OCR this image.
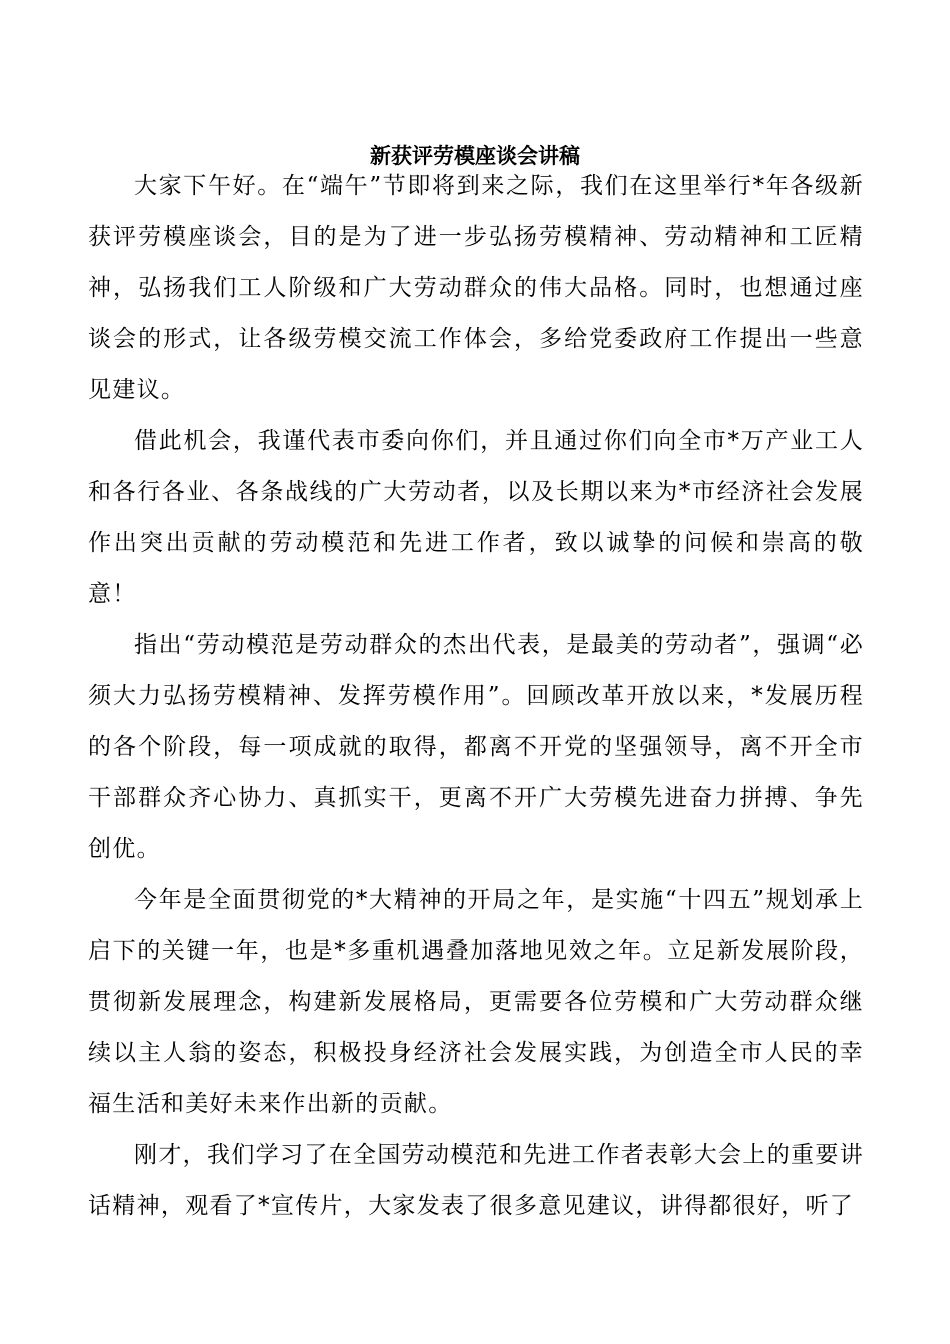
新获评劳模座谈会讲稿

大家下午好。在“端午”节即将到来之际，我们在这里举行*年各级新获评劳模座谈会，目的是为了进一步弘扬劳模精神、劳动精神和工匠精神，弘扬我们工人阶级和广大劳动群众的伟大品格。同时，也想通过座谈会的形式，让各级劳模交流工作体会，多给党委政府工作提出一些意见建议。

借此机会，我谨代表市委向你们，并且通过你们向全市*万产业工人和各行各业、各条战线的广大劳动者，以及长期以来为*市经济社会发展作出突出贡献的劳动模范和先进工作者，致以诚挚的问候和崇高的敬意！

指出“劳动模范是劳动群众的杰出代表，是最美的劳动者”，强调“必须大力弘扬劳模精神、发挥劳模作用”。回顾改革开放以来，*发展历程的各个阶段，每一项成就的取得，都离不开党的坚强领导，离不开全市干部群众齐心协力、真抓实干，更离不开广大劳模先进奋力拼搏、争先创优。

今年是全面贯彻党的*大精神的开局之年，是实施“十四五”规划承上启下的关键一年，也是*多重机遇叠加落地见效之年。立足新发展阶段，贯彻新发展理念，构建新发展格局，更需要各位劳模和广大劳动群众继续以主人翁的姿态，积极投身经济社会发展实践，为创造全市人民的幸福生活和美好未来作出新的贡献。

刚才，我们学习了在全国劳动模范和先进工作者表彰大会上的重要讲话精神，观看了*宣传片，大家发表了很多意见建议，讲得都很好，听了
